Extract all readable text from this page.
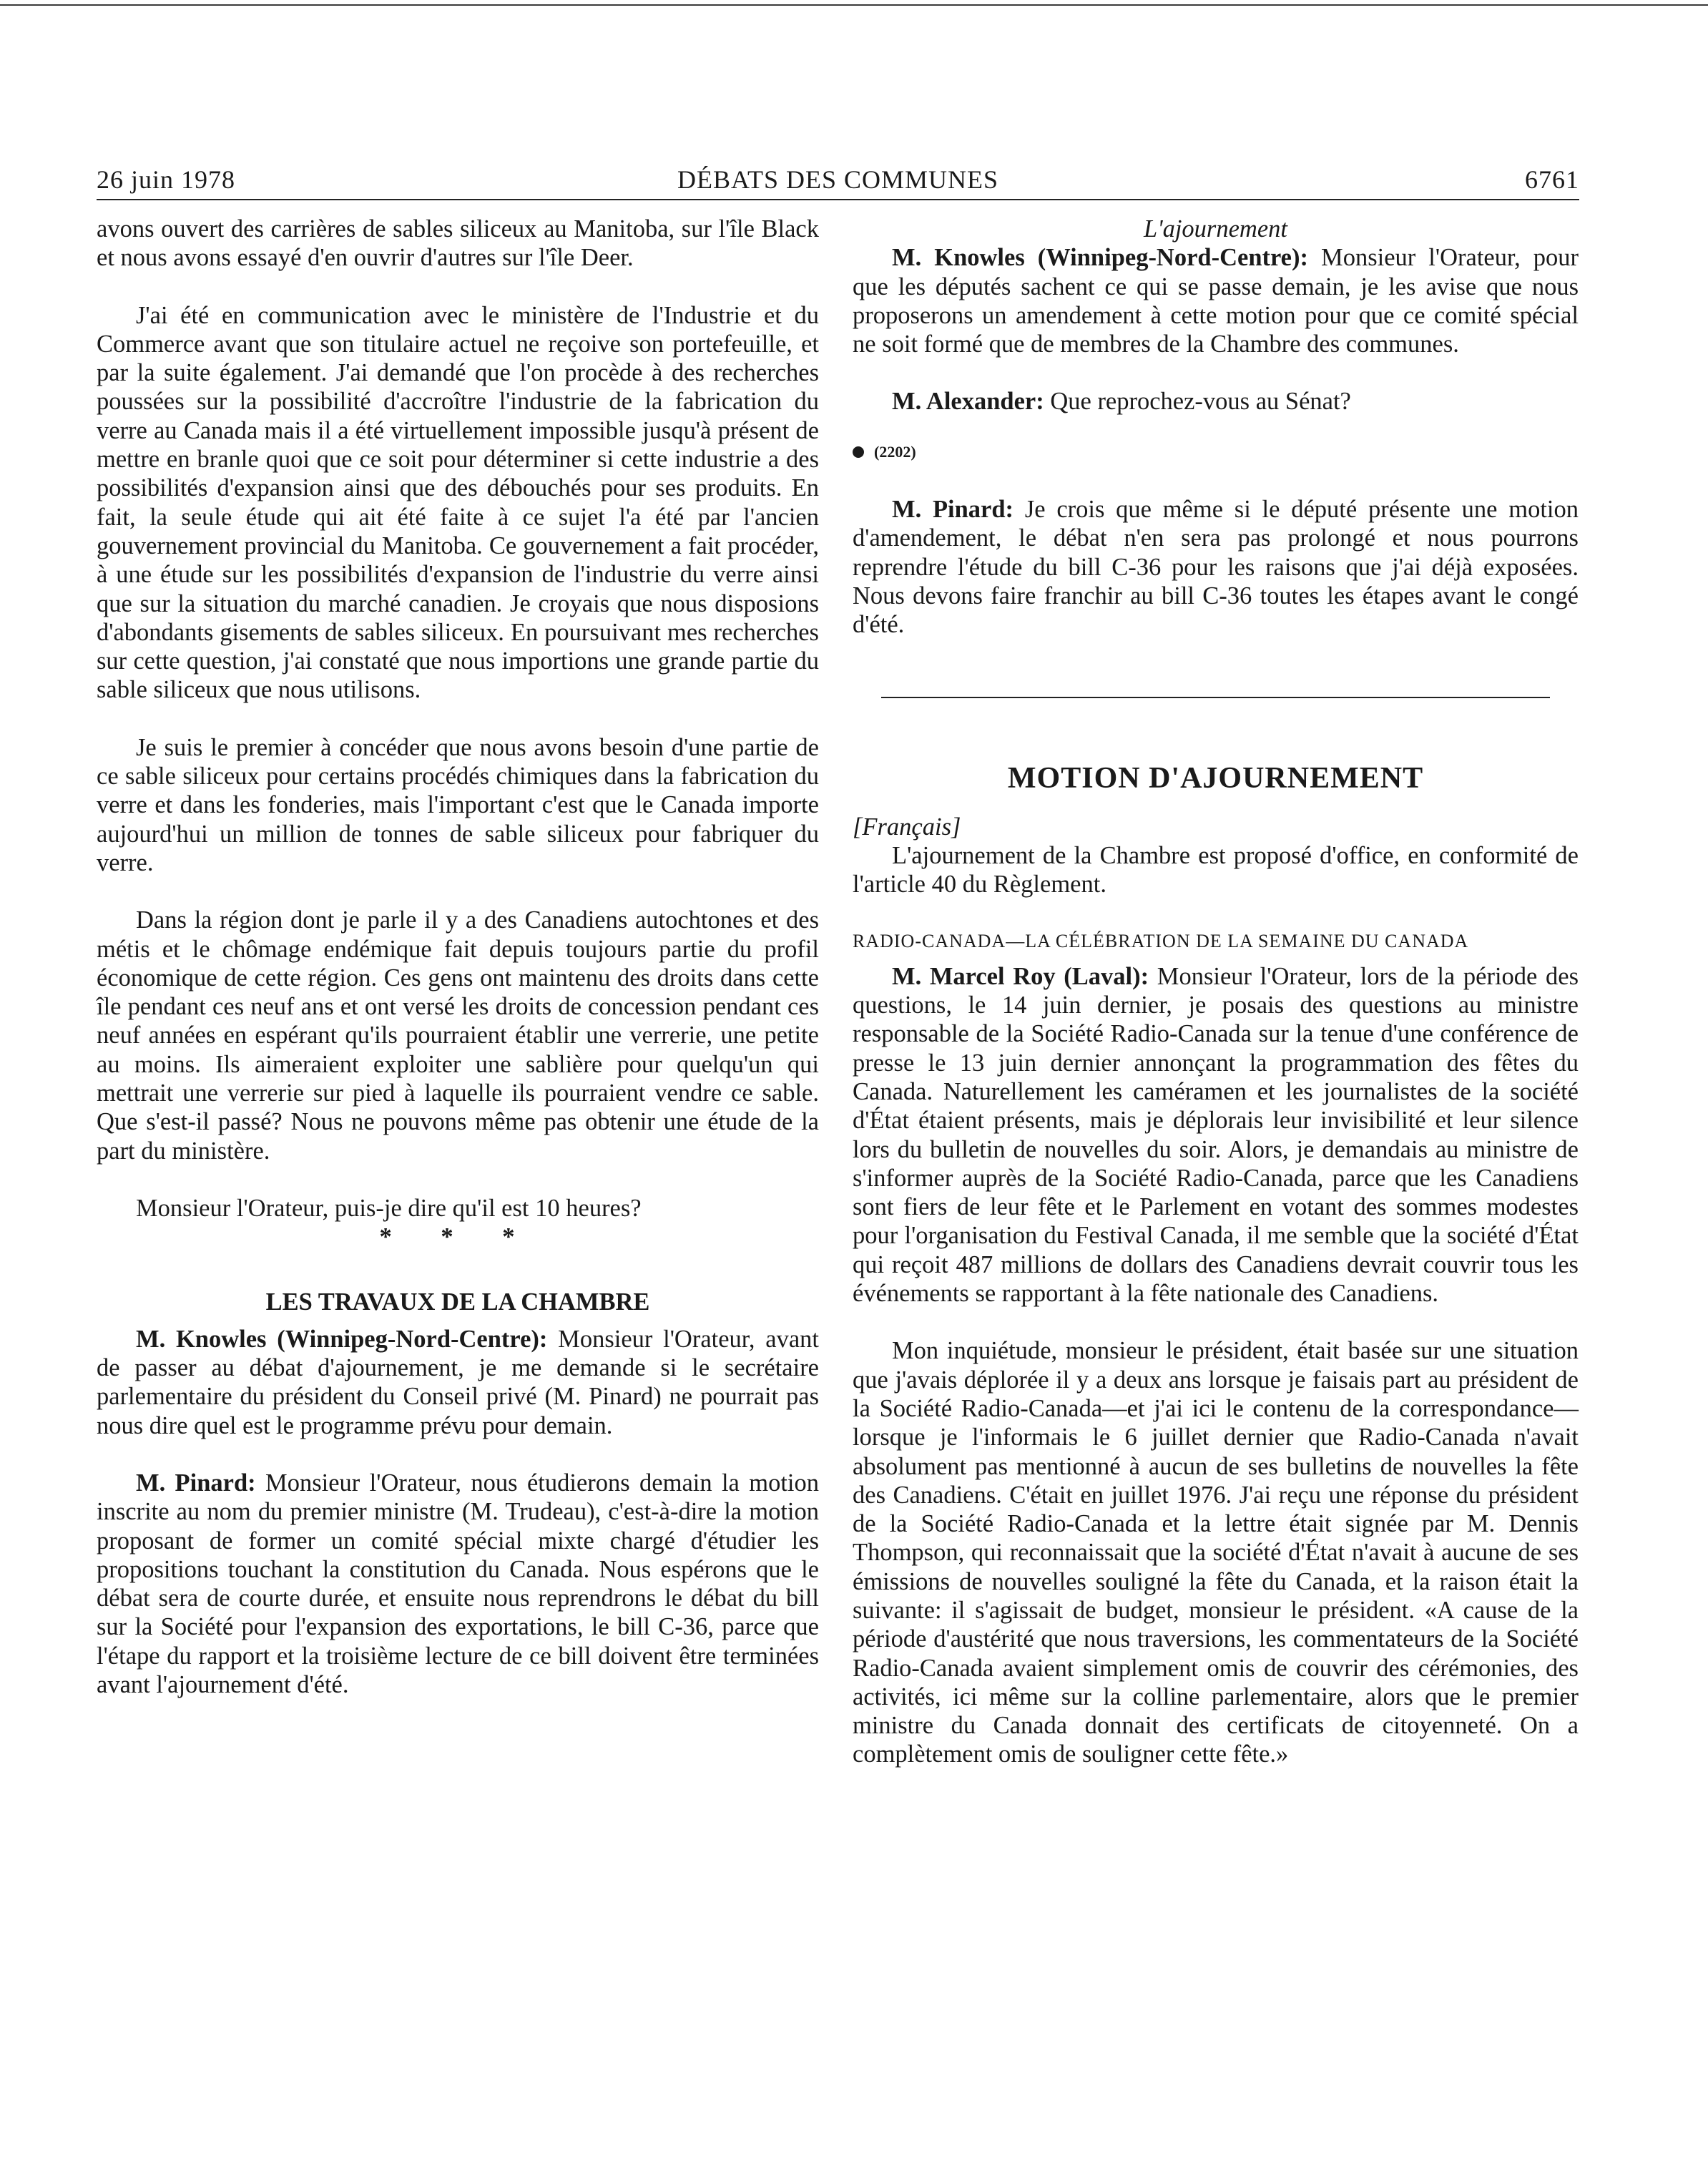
26 juin 1978	DÉBATS DES COMMUNES	6761

avons ouvert des carrières de sables siliceux au Manitoba, sur l'île Black et nous avons essayé d'en ouvrir d'autres sur l'île Deer.

J'ai été en communication avec le ministère de l'Industrie et du Commerce avant que son titulaire actuel ne reçoive son portefeuille, et par la suite également. J'ai demandé que l'on procède à des recherches poussées sur la possibilité d'accroître l'industrie de la fabrication du verre au Canada mais il a été virtuellement impossible jusqu'à présent de mettre en branle quoi que ce soit pour déterminer si cette industrie a des possibilités d'expansion ainsi que des débouchés pour ses produits. En fait, la seule étude qui ait été faite à ce sujet l'a été par l'ancien gouvernement provincial du Manitoba. Ce gouvernement a fait procéder, à une étude sur les possibilités d'expansion de l'industrie du verre ainsi que sur la situation du marché canadien. Je croyais que nous disposions d'abondants gisements de sables siliceux. En poursuivant mes recherches sur cette question, j'ai constaté que nous importions une grande partie du sable siliceux que nous utilisons.

Je suis le premier à concéder que nous avons besoin d'une partie de ce sable siliceux pour certains procédés chimiques dans la fabrication du verre et dans les fonderies, mais l'important c'est que le Canada importe aujourd'hui un million de tonnes de sable siliceux pour fabriquer du verre.

Dans la région dont je parle il y a des Canadiens autochtones et des métis et le chômage endémique fait depuis toujours partie du profil économique de cette région. Ces gens ont maintenu des droits dans cette île pendant ces neuf ans et ont versé les droits de concession pendant ces neuf années en espérant qu'ils pourraient établir une verrerie, une petite au moins. Ils aimeraient exploiter une sablière pour quelqu'un qui mettrait une verrerie sur pied à laquelle ils pourraient vendre ce sable. Que s'est-il passé? Nous ne pouvons même pas obtenir une étude de la part du ministère.

Monsieur l'Orateur, puis-je dire qu'il est 10 heures?

* * *

LES TRAVAUX DE LA CHAMBRE

M. Knowles (Winnipeg-Nord-Centre): Monsieur l'Orateur, avant de passer au débat d'ajournement, je me demande si le secrétaire parlementaire du président du Conseil privé (M. Pinard) ne pourrait pas nous dire quel est le programme prévu pour demain.

M. Pinard: Monsieur l'Orateur, nous étudierons demain la motion inscrite au nom du premier ministre (M. Trudeau), c'est-à-dire la motion proposant de former un comité spécial mixte chargé d'étudier les propositions touchant la constitution du Canada. Nous espérons que le débat sera de courte durée, et ensuite nous reprendrons le débat du bill sur la Société pour l'expansion des exportations, le bill C-36, parce que l'étape du rapport et la troisième lecture de ce bill doivent être terminées avant l'ajournement d'été.

L'ajournement

M. Knowles (Winnipeg-Nord-Centre): Monsieur l'Orateur, pour que les députés sachent ce qui se passe demain, je les avise que nous proposerons un amendement à cette motion pour que ce comité spécial ne soit formé que de membres de la Chambre des communes.

M. Alexander: Que reprochez-vous au Sénat?

(2202)

M. Pinard: Je crois que même si le député présente une motion d'amendement, le débat n'en sera pas prolongé et nous pourrons reprendre l'étude du bill C-36 pour les raisons que j'ai déjà exposées. Nous devons faire franchir au bill C-36 toutes les étapes avant le congé d'été.

MOTION D'AJOURNEMENT

[Français]

L'ajournement de la Chambre est proposé d'office, en conformité de l'article 40 du Règlement.

RADIO-CANADA—LA CÉLÉBRATION DE LA SEMAINE DU CANADA

M. Marcel Roy (Laval): Monsieur l'Orateur, lors de la période des questions, le 14 juin dernier, je posais des questions au ministre responsable de la Société Radio-Canada sur la tenue d'une conférence de presse le 13 juin dernier annonçant la programmation des fêtes du Canada. Naturellement les caméramen et les journalistes de la société d'État étaient présents, mais je déplorais leur invisibilité et leur silence lors du bulletin de nouvelles du soir. Alors, je demandais au ministre de s'informer auprès de la Société Radio-Canada, parce que les Canadiens sont fiers de leur fête et le Parlement en votant des sommes modestes pour l'organisation du Festival Canada, il me semble que la société d'État qui reçoit 487 millions de dollars des Canadiens devrait couvrir tous les événements se rapportant à la fête nationale des Canadiens.

Mon inquiétude, monsieur le président, était basée sur une situation que j'avais déplorée il y a deux ans lorsque je faisais part au président de la Société Radio-Canada—et j'ai ici le contenu de la correspondance—lorsque je l'informais le 6 juillet dernier que Radio-Canada n'avait absolument pas mentionné à aucun de ses bulletins de nouvelles la fête des Canadiens. C'était en juillet 1976. J'ai reçu une réponse du président de la Société Radio-Canada et la lettre était signée par M. Dennis Thompson, qui reconnaissait que la société d'État n'avait à aucune de ses émissions de nouvelles souligné la fête du Canada, et la raison était la suivante: il s'agissait de budget, monsieur le président. «A cause de la période d'austérité que nous traversions, les commentateurs de la Société Radio-Canada avaient simplement omis de couvrir des cérémonies, des activités, ici même sur la colline parlementaire, alors que le premier ministre du Canada donnait des certificats de citoyenneté. On a complètement omis de souligner cette fête.»
